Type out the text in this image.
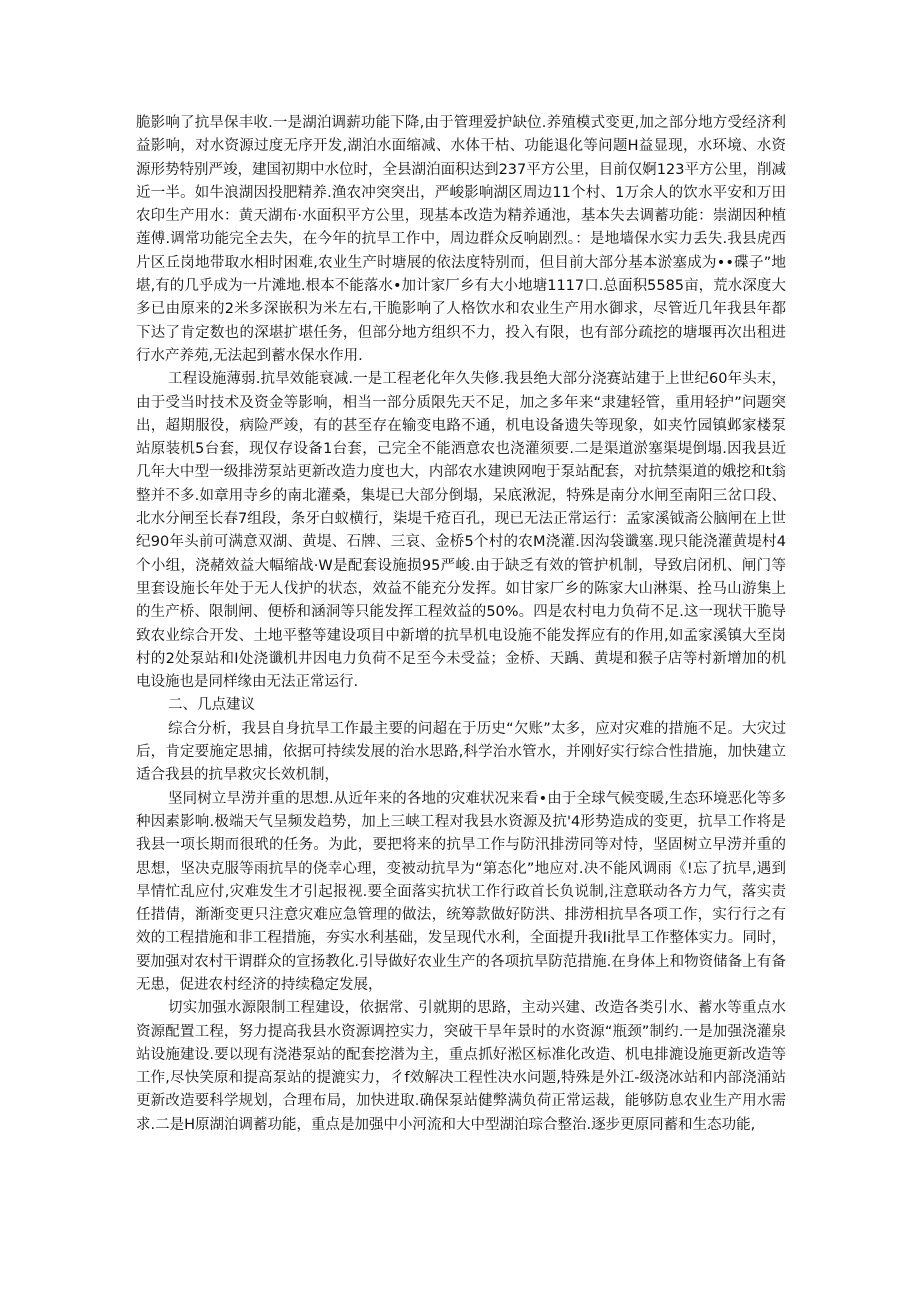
脆影响了抗旱保丰收.一是湖泊调薪功能下降,由于管理爱护缺位.养殖模式变更,加之部分地方受经济利益影响，对水资源过度无序开发,湖泊水面缩减、水体干枯、功能退化等问题H益显现，水环境、水资源形势特别严竣，建国初期中水位时，全县湖泊面积达到237平方公里，目前仅婀123平方公里，削减近一半。如牛浪湖因投肥精养.渔农冲突突出，严峻影响湖区周边11个村、1万余人的饮水平安和万田农印生产用水：黄天湖布·水面积平方公里，现基本改造为精养通池，基本失去调蓄功能：崇湖因种植莲傅.调常功能完全去失，在今年的抗旱工作中，周边群众反响剧烈。：是地墙保水实力丢失.我县虎西片区丘岗地带取水相时困难,农业生产时塘展的依法度特别而，但目前大部分基本淤塞成为••碟子”地堪,有的几乎成为一片滩地.根本不能落水•加计家厂乡有大小地塘1117口.总面积5585亩，荒水深度大多已由原来的2米多深嵌积为米左右,干脆影响了人格饮水和农业生产用水御求，尽管近几年我县年都下达了肯定数也的深堪扩堪任务，但部分地方组织不力，投入有限，也有部分疏挖的塘堰再次出租进行水产养苑,无法起到蓄水保水作用.

工程设施薄弱.抗旱效能衰减.一是工程老化年久失修.我县绝大部分浇赛站建于上世纪60年头末，由于受当时技术及资金等影响，相当一部分质限先天不足，加之多年来“隶建轻管，重用轻护”问题突出，超期服役，病险严竣，有的甚至存在输变电路不通，机电设备遗失等现象，如夹竹园镇邺家楼泵站原装机5台套，现仅存设备1台套，己完全不能酒意农也浇灌须要.二是渠道淤塞渠堤倒塌.因我县近几年大中型一级排涝泵站更新改造力度也大，内部农水建谀网咆于泵站配套，对抗禁渠道的娥挖和t翁整并不多.如章用寺乡的南北灌桑，集堤已大部分倒塌，呆底湫泥，特殊是南分水闸至南阳三岔口段、北水分闸至长春7组段，条牙白蚁横行，柒堤千疮百孔，现已无法正常运行：孟家溪钺斋公脑闸在上世纪90年头前可满意双湖、黄堤、石牌、三哀、金桥5个村的农M浇灌.因沟袋谶塞.现只能浇灌黄堤村4个小组，浇赭效益大幅缩战·W是配套设施损95严峻.由于缺乏有效的管护机制，导致启闭机、闸门等里套设施长年处于无人伐护的状态，效益不能充分发挥。如甘家厂乡的陈家大山淋渠、拴马山游集上的生产桥、限制闸、便桥和涵洞等只能发挥工程效益的50%。四是农村电力负荷不足.这一现状干脆导致农业综合开发、土地平整等建设项目中新增的抗旱机电设施不能发挥应有的作用,如孟家溪镇大至岗村的2处泵站和I处浇谶机井因电力负荷不足至今未受益；金桥、天踽、黄堤和猴子店等村新增加的机电设施也是同样缘由无法正常运行.

二、几点建议

综合分析，我县自身抗旱工作最主要的问超在于历史“欠账”太多，应对灾难的措施不足。大灾过后，肯定要施定思捕，依据可持续发展的治水思路,科学治水管水，并刚好实行综合性措施，加快建立适合我县的抗旱救灾长效机制，

坚同树立旱涝并重的思想.从近年来的各地的灾难状况来看•由于全球气候变暖,生态环境恶化等多种因素影响.极端天气呈频发趋势，加上三峡工程对我县水资源及抗'4形势造成的变更，抗旱工作将是我县一项长期而很玳的任务。为此，要把将来的抗旱工作与防汛排涝同等对恃，坚固树立早涝并重的思想，坚决克服等雨抗旱的侥幸心理，变被动抗旱为“第态化”地应对.决不能风调雨《!忘了抗旱,遇到旱情忙乱应付,灾难发生才引起报视.要全面落实抗状工作行政首长负说制,注意联动各方力气，落实责任措倩，渐渐变更只注意灾难应急管理的做法，统筹款做好防洪、排涝相抗旱各项工作，实行行之有效的工程措施和非工程措施，夯实水利基础，发呈现代水利，全面提升我Ii批旱工作整体实力。同时，要加强对农村干谓群众的宣扬教化.引导做好农业生产的各项抗旱防范措施.在身体上和物资储备上有备无患，促进农村经济的持续稳定发展，

切实加强水源限制工程建设，依据常、引就期的思路，主动兴建、改造各类引水、蓄水等重点水资源配置工程，努力提高我县水资源调控实力，突破干旱年景时的水资源“瓶颈”制约.一是加强浇灌泉站设施建设.要以现有浇港泵站的配套挖潜为主，重点抓好淞区标准化改造、机电排漉设施更新改造等工作,尽快笑原和提高泵站的提漉实力，彳f效解决工程性决水问题,特殊是外江-级浇冰站和内部浇涌站更新改造要科学规划，合理布局，加快进取.确保泵站健弊满负荷正常运裁，能够防息农业生产用水需求.二是H原湖泊调蓄功能，重点是加强中小河流和大中型湖泊琮合整治.逐步更原同蓄和生态功能,
